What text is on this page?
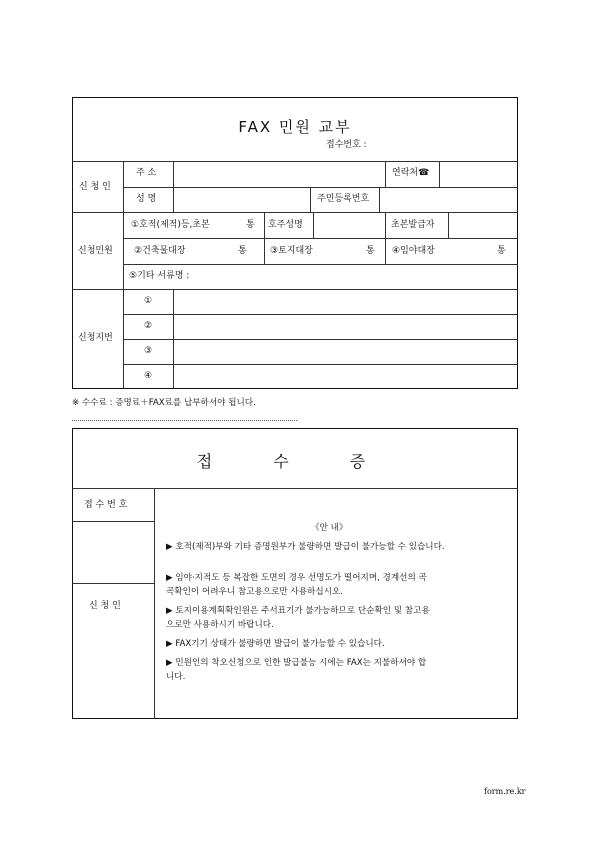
FAX 민원 교부
접수번호 :
신 청 인
주 소	연락처☎
성 명	주민등록번호
신청민원
①호적(제적)등,초본	통 호주성명	초본발급자
②건축물대장	통	③토지대장	통 ④임야대장	통
⑤기타 서류명 :
신청지번
①
②
③
④
※ 수수료 : 증명료＋FAX료를 납부하셔야 됩니다.
접 수 증
접 수 번 호
신 청 인
《안 내》
▶ 호적(제적)부와 기타 증명원부가 불량하면 발급이 불가능할 수 있습니다.
▶ 임야·지적도 등 복잡한 도면의 경우 선명도가 떨어지며, 경계선의 곡
곡확인이 어려우니 참고용으로만 사용하십시오.
▶ 토지이용계획확인원은 주서표기가 불가능하므로 단순확인 및 참고용
으로만 사용하시기 바랍니다.
▶ FAX기기 상태가 불량하면 발급이 불가능할 수 있습니다.
▶ 민원인의 착오신청으로 인한 발급불능 시에는 FAX는 지불하셔야 합
니다.
form.re.kr
